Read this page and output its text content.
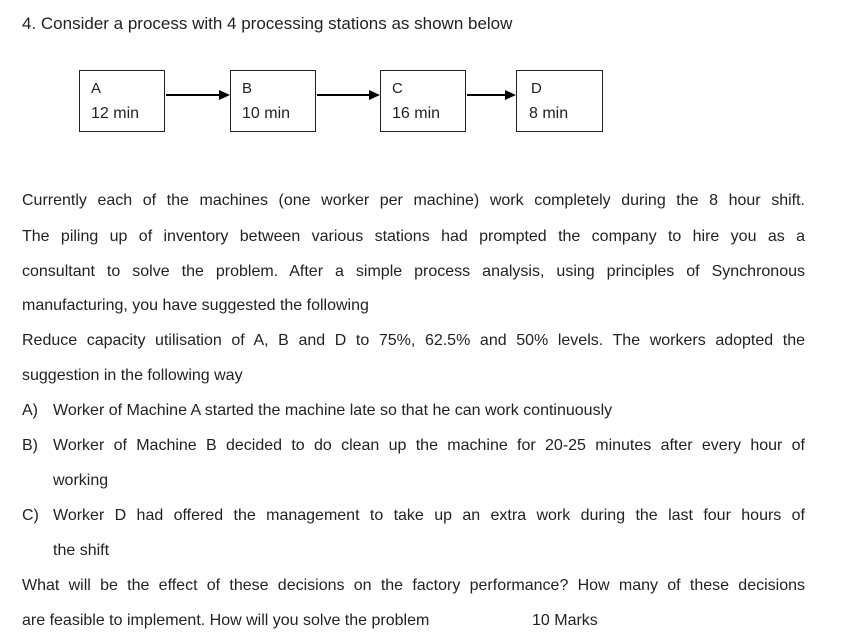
4. Consider a process with 4 processing stations as shown below
A
12 min
B
10 min
C
16 min
D
8 min
Currently each of the machines (one worker per machine) work completely during the 8 hour shift.
The piling up of inventory between various stations had prompted the company to hire you as a
consultant to solve the problem. After a simple process analysis, using principles of Synchronous
manufacturing, you have suggested the following
Reduce capacity utilisation of A, B and D to 75%, 62.5% and 50% levels. The workers adopted the
suggestion in the following way
A) Worker of Machine A started the machine late so that he can work continuously
B) Worker of Machine B decided to do clean up the machine for 20-25 minutes after every hour of
working
C) Worker D had offered the management to take up an extra work during the last four hours of
the shift
What will be the effect of these decisions on the factory performance? How many of these decisions
are feasible to implement. How will you solve the problem	10 Marks
